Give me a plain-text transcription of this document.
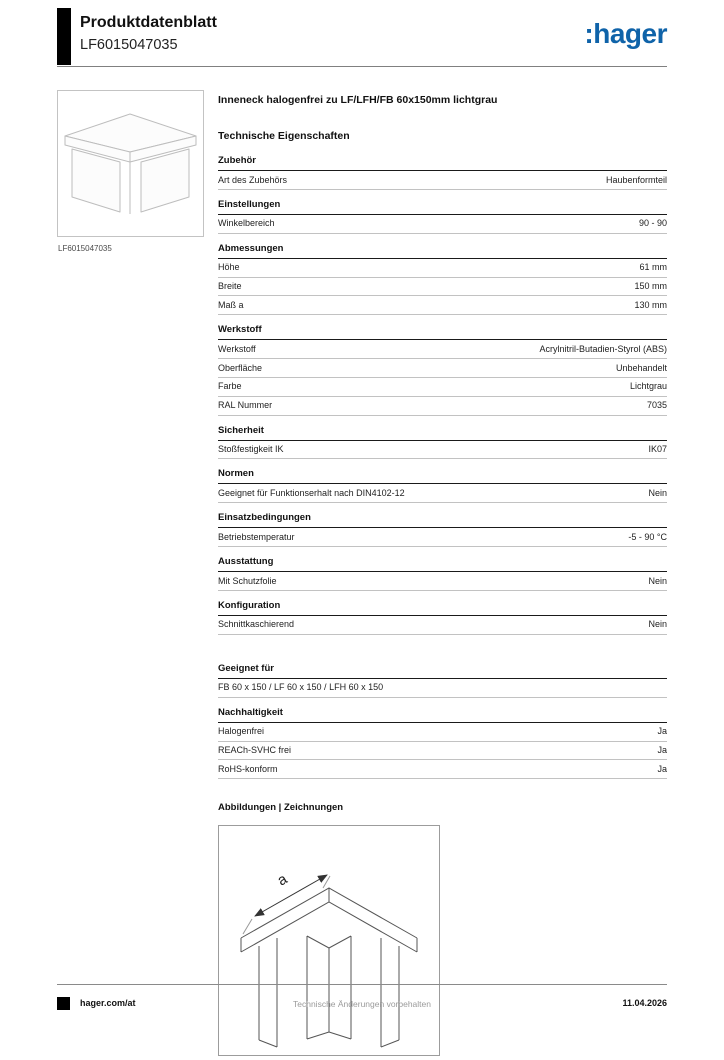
Produktdatenblatt
LF6015047035	:hager
LF6015047035
Inneneck halogenfrei zu LF/LFH/FB 60x150mm lichtgrau
Technische Eigenschaften
Zubehör
Art des Zubehörs	Haubenformteil
Einstellungen
Winkelbereich	90 - 90
Abmessungen
Höhe	61 mm
Breite	150 mm
Maß a	130 mm
Werkstoff
Werkstoff	Acrylnitril-Butadien-Styrol (ABS)
Oberfläche	Unbehandelt
Farbe	Lichtgrau
RAL Nummer	7035
Sicherheit
Stoßfestigkeit IK	IK07
Normen
Geeignet für Funktionserhalt nach DIN4102-12	Nein
Einsatzbedingungen
Betriebstemperatur	-5 - 90 °C
Ausstattung
Mit Schutzfolie	Nein
Konfiguration
Schnittkaschierend	Nein
Geeignet für
FB 60 x 150 / LF 60 x 150 / LFH 60 x 150
Nachhaltigkeit
Halogenfrei	Ja
REACh-SVHC frei	Ja
RoHS-konform	Ja
Abbildungen | Zeichnungen
a
hager.com/at	Technische Änderungen vorbehalten	11.04.2026
